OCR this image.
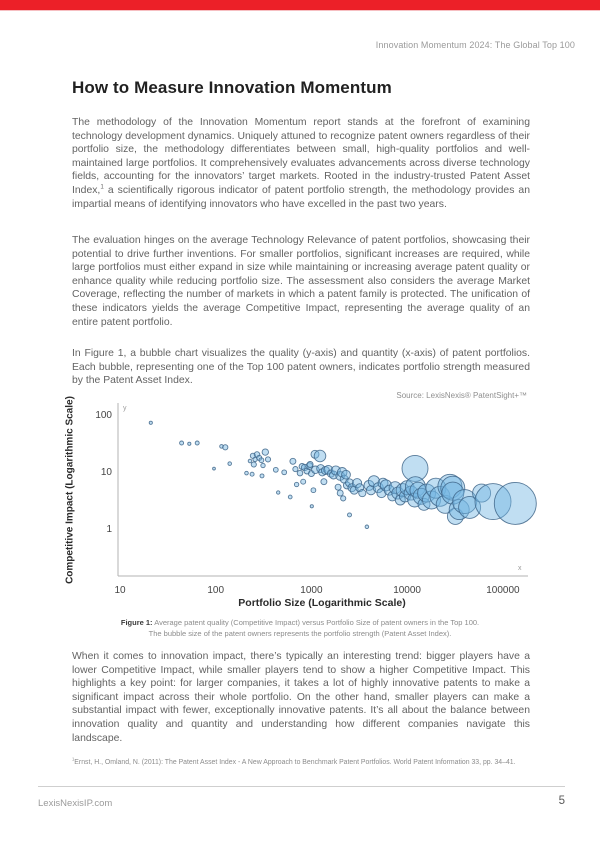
Innovation Momentum 2024: The Global Top 100
How to Measure Innovation Momentum

The methodology of the Innovation Momentum report stands at the forefront of examining technology development dynamics. Uniquely attuned to recognize patent owners regardless of their portfolio size, the methodology differentiates between small, high-quality portfolios and well-maintained large portfolios. It comprehensively evaluates advancements across diverse technology fields, accounting for the innovators’ target markets. Rooted in the industry-trusted Patent Asset Index,$^1$ a scientifically rigorous indicator of patent portfolio strength, the methodology provides an impartial means of identifying innovators who have excelled in the past two years.

The evaluation hinges on the average Technology Relevance of patent portfolios, showcasing their potential to drive further inventions. For smaller portfolios, significant increases are required, while large portfolios must either expand in size while maintaining or increasing average patent quality or enhance quality while reducing portfolio size. The assessment also considers the average Market Coverage, reflecting the number of markets in which a patent family is protected. The unification of these indicators yields the average Competitive Impact, representing the average quality of an entire patent portfolio.

In Figure 1, a bubble chart visualizes the quality (y-axis) and quantity (x-axis) of patent portfolios. Each bubble, representing one of the Top 100 patent owners, indicates portfolio strength measured by the Patent Asset Index.

Source: LexisNexis® PatentSight+™
Competitive Impact (Logarithmic Scale)	y
x
100
10
1
10	100	1000	10000	100000
Portfolio Size (Logarithmic Scale)
Figure 1: Average patent quality (Competitive Impact) versus Portfolio Size of patent owners in the Top 100.
The bubble size of the patent owners represents the portfolio strength (Patent Asset Index).

When it comes to innovation impact, there’s typically an interesting trend: bigger players have a lower Competitive Impact, while smaller players tend to show a higher Competitive Impact. This highlights a key point: for larger companies, it takes a lot of highly innovative patents to make a significant impact across their whole portfolio. On the other hand, smaller players can make a substantial impact with fewer, exceptionally innovative patents. It’s all about the balance between innovation quality and quantity and understanding how different companies navigate this landscape.

$^1$Ernst, H., Omland, N. (2011): The Patent Asset Index - A New Approach to Benchmark Patent Portfolios. World Patent Information 33, pp. 34–41.
LexisNexisIP.com	5
